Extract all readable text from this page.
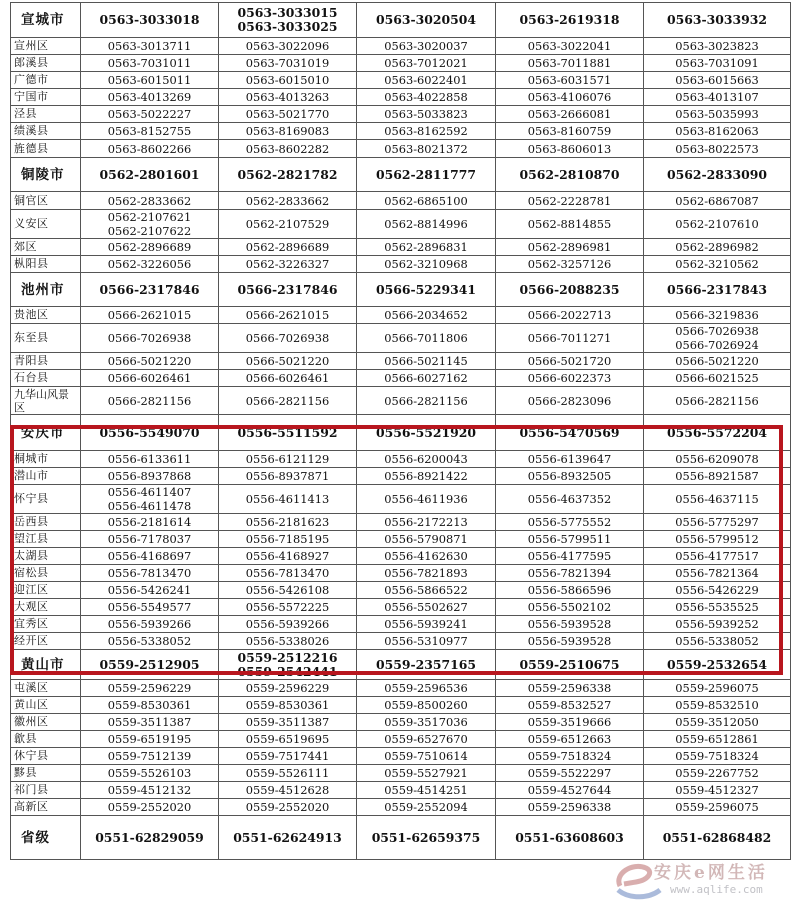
宣城市	0563-3033018	0563-3033015
0563-3033025	0563-3020504	0563-2619318	0563-3033932

宣州区	0563-3013711	0563-3022096	0563-3020037	0563-3022041	0563-3023823

郎溪县	0563-7031011	0563-7031019	0563-7012021	0563-7011881	0563-7031091

广德市	0563-6015011	0563-6015010	0563-6022401	0563-6031571	0563-6015663

宁国市	0563-4013269	0563-4013263	0563-4022858	0563-4106076	0563-4013107

泾县	0563-5022227	0563-5021770	0563-5033823	0563-2666081	0563-5035993

绩溪县	0563-8152755	0563-8169083	0563-8162592	0563-8160759	0563-8162063

旌德县	0563-8602266	0563-8602282	0563-8021372	0563-8606013	0563-8022573

铜陵市	0562-2801601	0562-2821782	0562-2811777	0562-2810870	0562-2833090

铜官区	0562-2833662	0562-2833662	0562-6865100	0562-2228781	0562-6867087

义安区	0562-2107621
0562-2107622	0562-2107529	0562-8814996	0562-8814855	0562-2107610

郊区	0562-2896689	0562-2896689	0562-2896831	0562-2896981	0562-2896982

枞阳县	0562-3226056	0562-3226327	0562-3210968	0562-3257126	0562-3210562

池州市	0566-2317846	0566-2317846	0566-5229341	0566-2088235	0566-2317843

贵池区	0566-2621015	0566-2621015	0566-2034652	0566-2022713	0566-3219836

东至县	0566-7026938	0566-7026938	0566-7011806	0566-7011271	0566-7026938
0566-7026924

青阳县	0566-5021220	0566-5021220	0566-5021145	0566-5021720	0566-5021220

石台县	0566-6026461	0566-6026461	0566-6027162	0566-6022373	0566-6021525

九华山风景区	0566-2821156	0566-2821156	0566-2821156	0566-2823096	0566-2821156

安庆市	0556-5549070	0556-5511592	0556-5521920	0556-5470569	0556-5572204

桐城市	0556-6133611	0556-6121129	0556-6200043	0556-6139647	0556-6209078

潜山市	0556-8937868	0556-8937871	0556-8921422	0556-8932505	0556-8921587

怀宁县	0556-4611407
0556-4611478	0556-4611413	0556-4611936	0556-4637352	0556-4637115

岳西县	0556-2181614	0556-2181623	0556-2172213	0556-5775552	0556-5775297

望江县	0556-7178037	0556-7185195	0556-5790871	0556-5799511	0556-5799512

太湖县	0556-4168697	0556-4168927	0556-4162630	0556-4177595	0556-4177517

宿松县	0556-7813470	0556-7813470	0556-7821893	0556-7821394	0556-7821364

迎江区	0556-5426241	0556-5426108	0556-5866522	0556-5866596	0556-5426229

大观区	0556-5549577	0556-5572225	0556-5502627	0556-5502102	0556-5535525

宜秀区	0556-5939266	0556-5939266	0556-5939241	0556-5939528	0556-5939252

经开区	0556-5338052	0556-5338026	0556-5310977	0556-5939528	0556-5338052

黄山市	0559-2512905	0559-2512216
0559-2542441	0559-2357165	0559-2510675	0559-2532654

屯溪区	0559-2596229	0559-2596229	0559-2596536	0559-2596338	0559-2596075

黄山区	0559-8530361	0559-8530361	0559-8500260	0559-8532527	0559-8532510

徽州区	0559-3511387	0559-3511387	0559-3517036	0559-3519666	0559-3512050

歙县	0559-6519195	0559-6519695	0559-6527670	0559-6512663	0559-6512861

休宁县	0559-7512139	0559-7517441	0559-7510614	0559-7518324	0559-7518324

黟县	0559-5526103	0559-5526111	0559-5527921	0559-5522297	0559-2267752

祁门县	0559-4512132	0559-4512628	0559-4514251	0559-4527644	0559-4512327

高新区	0559-2552020	0559-2552020	0559-2552094	0559-2596338	0559-2596075

省级	0551-62829059	0551-62624913	0551-62659375	0551-63608603	0551-62868482
安庆e网生活
www.aqlife.com
